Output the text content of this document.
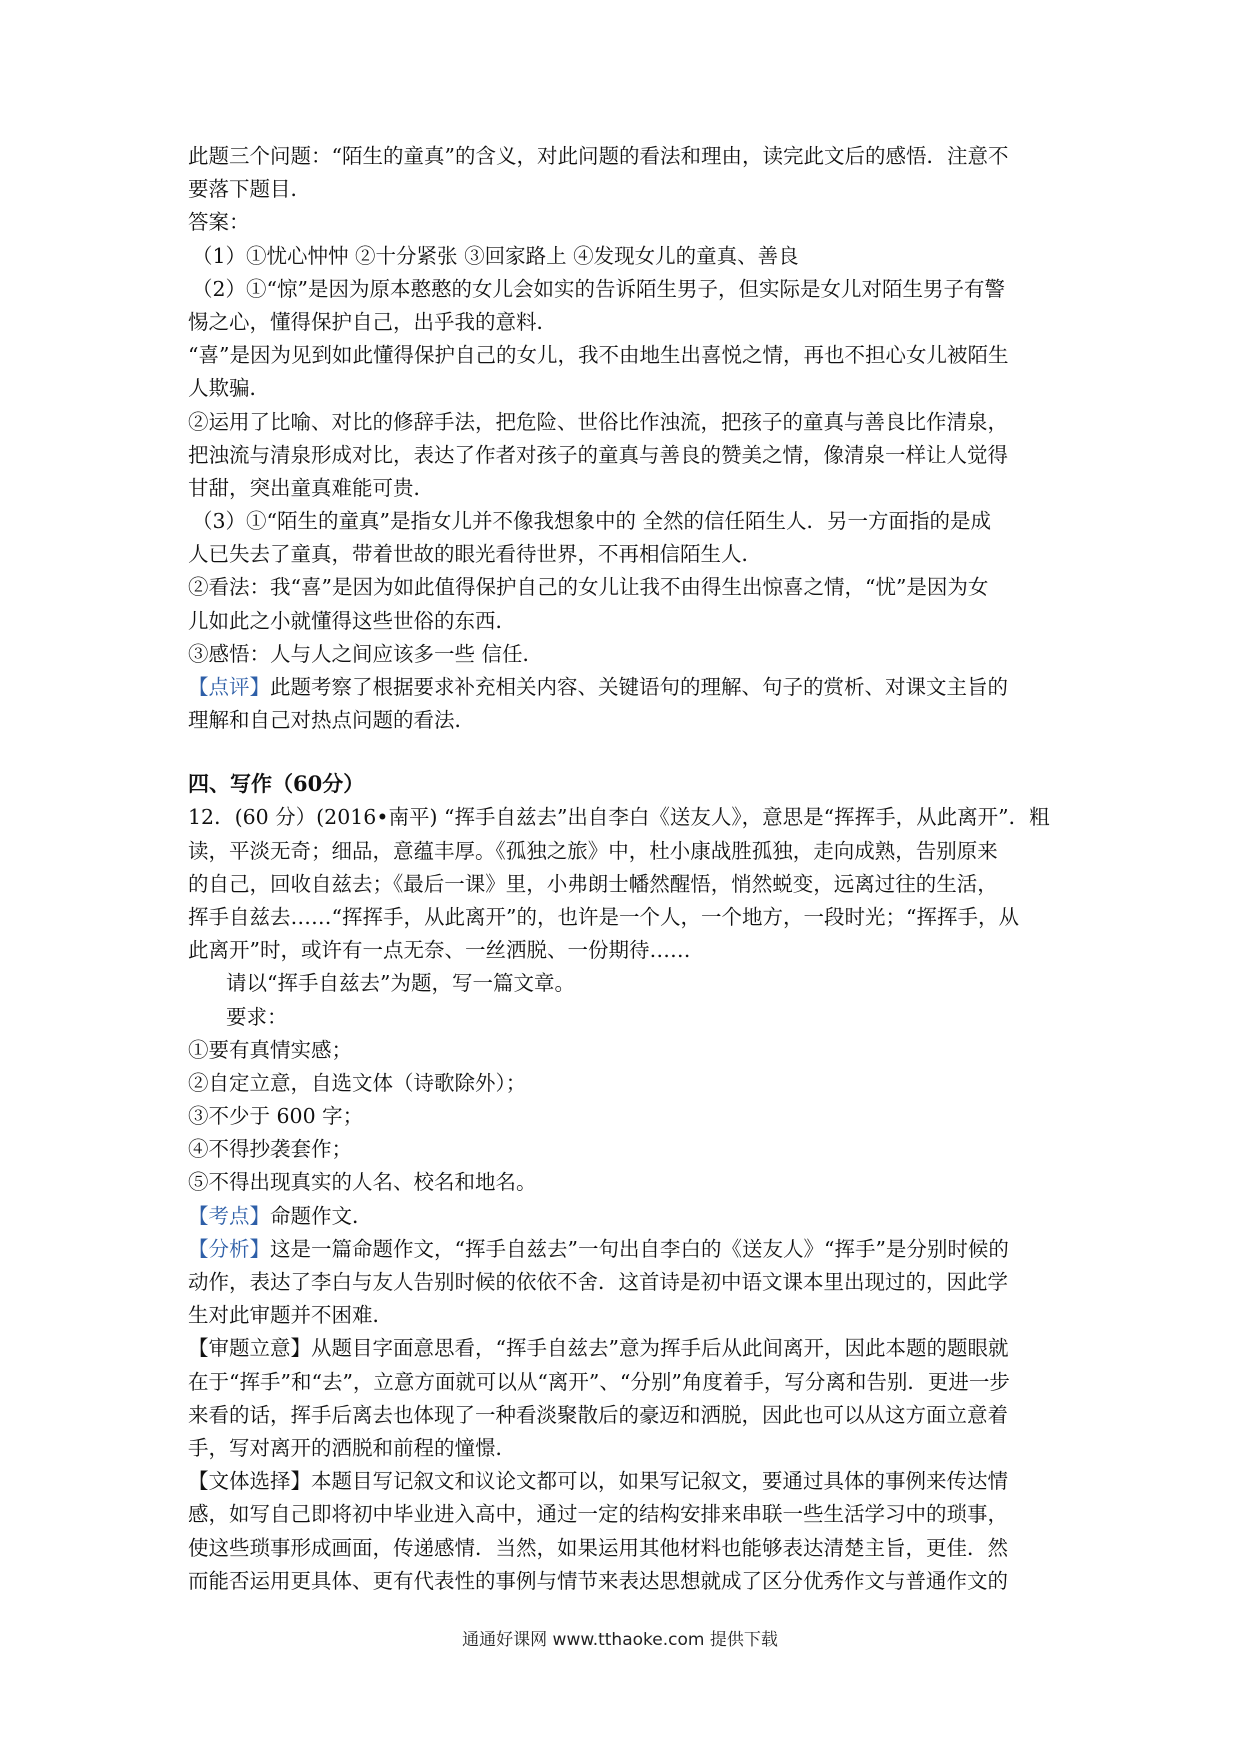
此题三个问题：“陌生的童真”的含义，对此问题的看法和理由，读完此文后的感悟．注意不
要落下题目．
答案：
（1）①忧心忡忡 ②十分紧张 ③回家路上 ④发现女儿的童真、善良
（2）①“惊”是因为原本憨憨的女儿会如实的告诉陌生男子，但实际是女儿对陌生男子有警
惕之心，懂得保护自己，出乎我的意料．
“喜”是因为见到如此懂得保护自己的女儿，我不由地生出喜悦之情，再也不担心女儿被陌生
人欺骗．
②运用了比喻、对比的修辞手法，把危险、世俗比作浊流，把孩子的童真与善良比作清泉，
把浊流与清泉形成对比，表达了作者对孩子的童真与善良的赞美之情，像清泉一样让人觉得
甘甜，突出童真难能可贵．
（3）①“陌生的童真”是指女儿并不像我想象中的 全然的信任陌生人．另一方面指的是成
人已失去了童真，带着世故的眼光看待世界，不再相信陌生人．
②看法：我“喜”是因为如此值得保护自己的女儿让我不由得生出惊喜之情，“忧”是因为女
儿如此之小就懂得这些世俗的东西．
③感悟：人与人之间应该多一些 信任．
【点评】此题考察了根据要求补充相关内容、关键语句的理解、句子的赏析、对课文主旨的
理解和自己对热点问题的看法．
四、写作（60分）
12．(60 分）(2016•南平) “挥手自兹去”出自李白《送友人》，意思是“挥挥手，从此离开”．粗
读，平淡无奇；细品，意蕴丰厚。《孤独之旅》中，杜小康战胜孤独，走向成熟，告别原来
的自己，回收自兹去；《最后一课》里，小弗朗士幡然醒悟，悄然蜕变，远离过往的生活，
挥手自兹去……“挥挥手，从此离开”的，也许是一个人，一个地方，一段时光；“挥挥手，从
此离开”时，或许有一点无奈、一丝洒脱、一份期待……
请以“挥手自兹去”为题，写一篇文章。
要求：
①要有真情实感；
②自定立意，自选文体（诗歌除外）；
③不少于 600 字；
④不得抄袭套作；
⑤不得出现真实的人名、校名和地名。
【考点】命题作文．
【分析】这是一篇命题作文，“挥手自兹去”一句出自李白的《送友人》“挥手”是分别时候的
动作，表达了李白与友人告别时候的依依不舍．这首诗是初中语文课本里出现过的，因此学
生对此审题并不困难．
【审题立意】从题目字面意思看，“挥手自兹去”意为挥手后从此间离开，因此本题的题眼就
在于“挥手”和“去”，立意方面就可以从“离开”、“分别”角度着手，写分离和告别．更进一步
来看的话，挥手后离去也体现了一种看淡聚散后的豪迈和洒脱，因此也可以从这方面立意着
手，写对离开的洒脱和前程的憧憬．
【文体选择】本题目写记叙文和议论文都可以，如果写记叙文，要通过具体的事例来传达情
感，如写自己即将初中毕业进入高中，通过一定的结构安排来串联一些生活学习中的琐事，
使这些琐事形成画面，传递感情．当然，如果运用其他材料也能够表达清楚主旨，更佳．然
而能否运用更具体、更有代表性的事例与情节来表达思想就成了区分优秀作文与普通作文的
通通好课网 www.tthaoke.com 提供下载
